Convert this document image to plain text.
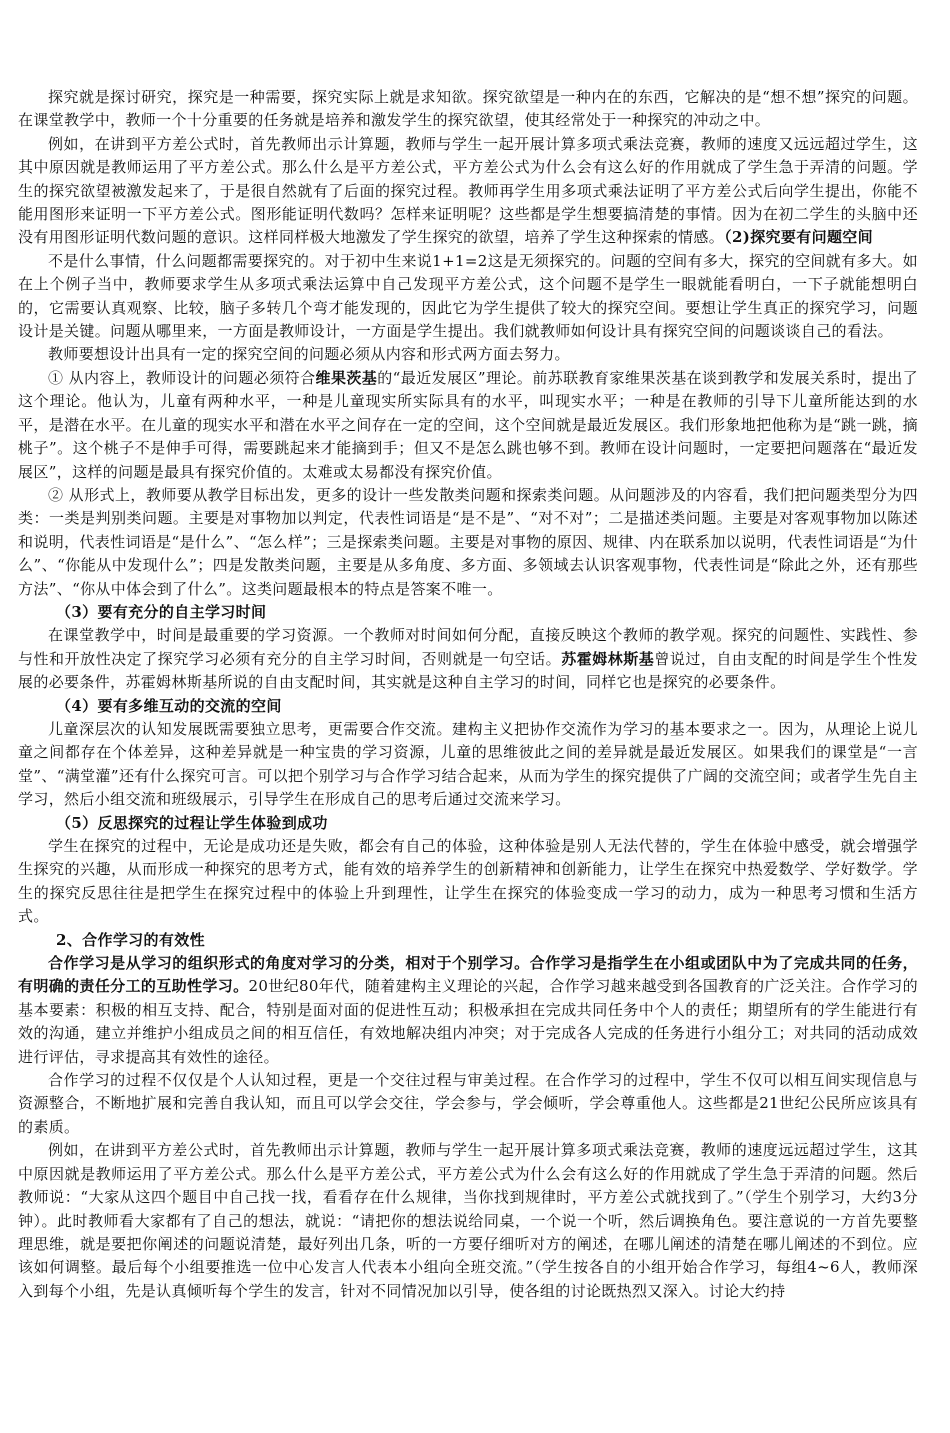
探究就是探讨研究，探究是一种需要，探究实际上就是求知欲。探究欲望是一种内在的东西，它解决的是“想不想”探究的问题。在课堂教学中，教师一个十分重要的任务就是培养和激发学生的探究欲望，使其经常处于一种探究的冲动之中。

例如，在讲到平方差公式时，首先教师出示计算题，教师与学生一起开展计算多项式乘法竞赛，教师的速度又远远超过学生，这其中原因就是教师运用了平方差公式。那么什么是平方差公式，平方差公式为什么会有这么好的作用就成了学生急于弄清的问题。学生的探究欲望被激发起来了，于是很自然就有了后面的探究过程。教师再学生用多项式乘法证明了平方差公式后向学生提出，你能不能用图形来证明一下平方差公式。图形能证明代数吗？怎样来证明呢？这些都是学生想要搞清楚的事情。因为在初二学生的头脑中还没有用图形证明代数问题的意识。这样同样极大地激发了学生探究的欲望，培养了学生这种探索的情感。（2)探究要有问题空间

不是什么事情，什么问题都需要探究的。对于初中生来说1+1=2这是无须探究的。问题的空间有多大，探究的空间就有多大。如在上个例子当中，教师要求学生从多项式乘法运算中自己发现平方差公式，这个问题不是学生一眼就能看明白，一下子就能想明白的，它需要认真观察、比较，脑子多转几个弯才能发现的，因此它为学生提供了较大的探究空间。要想让学生真正的探究学习，问题设计是关键。问题从哪里来，一方面是教师设计，一方面是学生提出。我们就教师如何设计具有探究空间的问题谈谈自己的看法。

教师要想设计出具有一定的探究空间的问题必须从内容和形式两方面去努力。

① 从内容上，教师设计的问题必须符合维果茨基的“最近发展区”理论。前苏联教育家维果茨基在谈到教学和发展关系时，提出了这个理论。他认为，儿童有两种水平，一种是儿童现实所实际具有的水平，叫现实水平；一种是在教师的引导下儿童所能达到的水平，是潜在水平。在儿童的现实水平和潜在水平之间存在一定的空间，这个空间就是最近发展区。我们形象地把他称为是“跳一跳，摘桃子”。这个桃子不是伸手可得，需要跳起来才能摘到手；但又不是怎么跳也够不到。教师在设计问题时，一定要把问题落在“最近发展区”，这样的问题是最具有探究价值的。太难或太易都没有探究价值。

② 从形式上，教师要从教学目标出发，更多的设计一些发散类问题和探索类问题。从问题涉及的内容看，我们把问题类型分为四类：一类是判别类问题。主要是对事物加以判定，代表性词语是“是不是”、“对不对”；二是描述类问题。主要是对客观事物加以陈述和说明，代表性词语是“是什么”、“怎么样”；三是探索类问题。主要是对事物的原因、规律、内在联系加以说明，代表性词语是“为什么”、“你能从中发现什么”；四是发散类问题，主要是从多角度、多方面、多领域去认识客观事物，代表性词是“除此之外，还有那些方法”、“你从中体会到了什么”。这类问题最根本的特点是答案不唯一。

（3）要有充分的自主学习时间

在课堂教学中，时间是最重要的学习资源。一个教师对时间如何分配，直接反映这个教师的教学观。探究的问题性、实践性、参与性和开放性决定了探究学习必须有充分的自主学习时间，否则就是一句空话。苏霍姆林斯基曾说过，自由支配的时间是学生个性发展的必要条件，苏霍姆林斯基所说的自由支配时间，其实就是这种自主学习的时间，同样它也是探究的必要条件。

（4）要有多维互动的交流的空间

儿童深层次的认知发展既需要独立思考，更需要合作交流。建构主义把协作交流作为学习的基本要求之一。因为，从理论上说儿童之间都存在个体差异，这种差异就是一种宝贵的学习资源，儿童的思维彼此之间的差异就是最近发展区。如果我们的课堂是“一言堂”、“满堂灌”还有什么探究可言。可以把个别学习与合作学习结合起来，从而为学生的探究提供了广阔的交流空间；或者学生先自主学习，然后小组交流和班级展示，引导学生在形成自己的思考后通过交流来学习。

（5）反思探究的过程让学生体验到成功

学生在探究的过程中，无论是成功还是失败，都会有自己的体验，这种体验是别人无法代替的，学生在体验中感受，就会增强学生探究的兴趣，从而形成一种探究的思考方式，能有效的培养学生的创新精神和创新能力，让学生在探究中热爱数学、学好数学。学生的探究反思往往是把学生在探究过程中的体验上升到理性，让学生在探究的体验变成一学习的动力，成为一种思考习惯和生活方式。

2、合作学习的有效性

合作学习是从学习的组织形式的角度对学习的分类，相对于个别学习。合作学习是指学生在小组或团队中为了完成共同的任务，有明确的责任分工的互助性学习。20世纪80年代，随着建构主义理论的兴起，合作学习越来越受到各国教育的广泛关注。合作学习的基本要素：积极的相互支持、配合，特别是面对面的促进性互动；积极承担在完成共同任务中个人的责任；期望所有的学生能进行有效的沟通，建立并维护小组成员之间的相互信任，有效地解决组内冲突；对于完成各人完成的任务进行小组分工；对共同的活动成效进行评估，寻求提高其有效性的途径。

合作学习的过程不仅仅是个人认知过程，更是一个交往过程与审美过程。在合作学习的过程中，学生不仅可以相互间实现信息与资源整合，不断地扩展和完善自我认知，而且可以学会交往，学会参与，学会倾听，学会尊重他人。这些都是21世纪公民所应该具有的素质。

例如，在讲到平方差公式时，首先教师出示计算题，教师与学生一起开展计算多项式乘法竞赛，教师的速度远远超过学生，这其中原因就是教师运用了平方差公式。那么什么是平方差公式，平方差公式为什么会有这么好的作用就成了学生急于弄清的问题。然后教师说：“大家从这四个题目中自己找一找，看看存在什么规律，当你找到规律时，平方差公式就找到了。”（学生个别学习，大约3分钟）。此时教师看大家都有了自己的想法，就说：“请把你的想法说给同桌，一个说一个听，然后调换角色。要注意说的一方首先要整理思维，就是要把你阐述的问题说清楚，最好列出几条，听的一方要仔细听对方的阐述，在哪儿阐述的清楚在哪儿阐述的不到位。应该如何调整。最后每个小组要推选一位中心发言人代表本小组向全班交流。”（学生按各自的小组开始合作学习，每组4~6人，教师深入到每个小组，先是认真倾听每个学生的发言，针对不同情况加以引导，使各组的讨论既热烈又深入。讨论大约持
